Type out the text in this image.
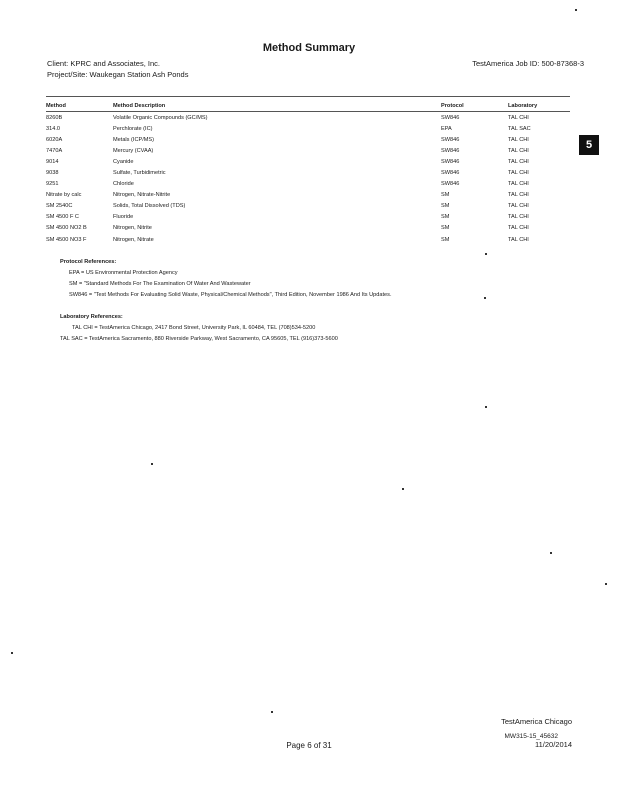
Method Summary
Client: KPRC and Associates, Inc.
Project/Site: Waukegan Station Ash Ponds
TestAmerica Job ID: 500-87368-3
Method	Method Description	Protocol	Laboratory
8260B	Volatile Organic Compounds (GC/MS)	SW846	TAL CHI
314.0	Perchlorate (IC)	EPA	TAL SAC
6020A	Metals (ICP/MS)	SW846	TAL CHI
7470A	Mercury (CVAA)	SW846	TAL CHI
9014	Cyanide	SW846	TAL CHI
9038	Sulfate, Turbidimetric	SW846	TAL CHI
9251	Chloride	SW846	TAL CHI
Nitrate by calc	Nitrogen, Nitrate-Nitrite	SM	TAL CHI
SM 2540C	Solids, Total Dissolved (TDS)	SM	TAL CHI
SM 4500 F C	Fluoride	SM	TAL CHI
SM 4500 NO2 B	Nitrogen, Nitrite	SM	TAL CHI
SM 4500 NO3 F	Nitrogen, Nitrate	SM	TAL CHI
5
Protocol References:
EPA = US Environmental Protection Agency
SM = "Standard Methods For The Examination Of Water And Wastewater
SW846 = "Test Methods For Evaluating Solid Waste, Physical/Chemical Methods", Third Edition, November 1986 And Its Updates.
Laboratory References:
TAL CHI = TestAmerica Chicago, 2417 Bond Street, University Park, IL 60484, TEL (708)534-5200
TAL SAC = TestAmerica Sacramento, 880 Riverside Parkway, West Sacramento, CA 95605, TEL (916)373-5600
TestAmerica Chicago
MW315-15_45632
Page 6 of 31	11/20/2014
